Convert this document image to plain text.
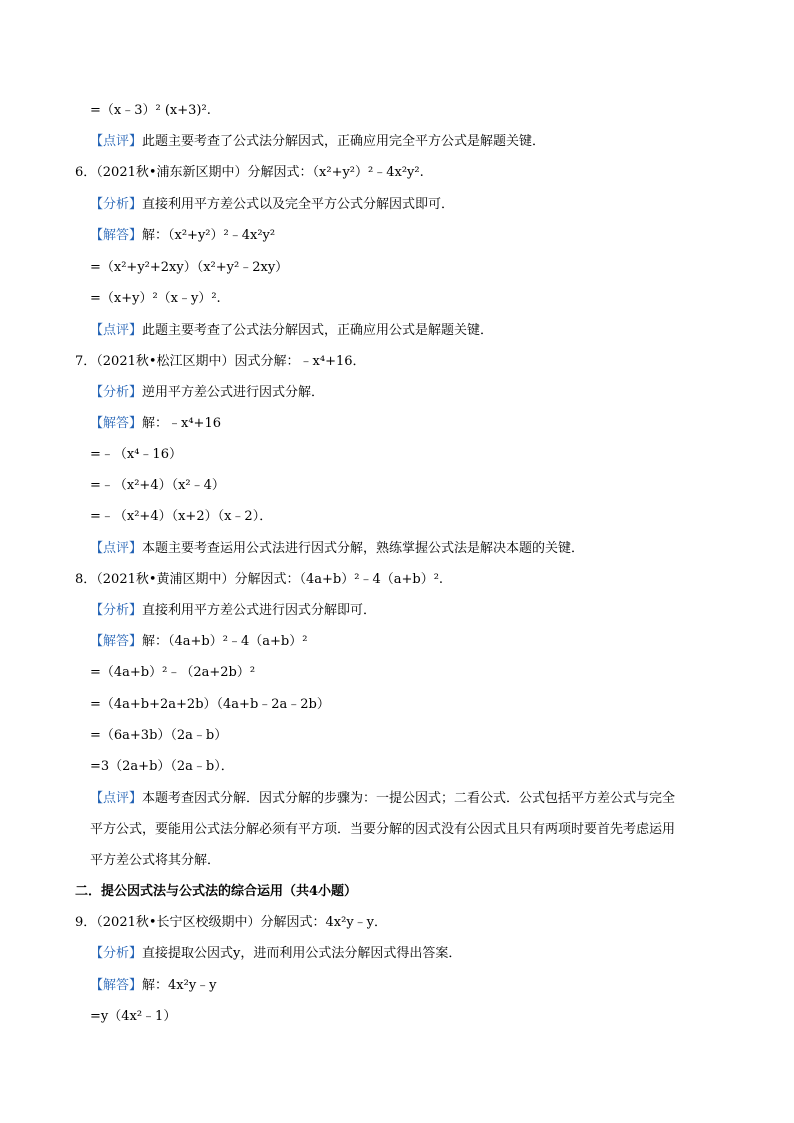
=（x﹣3）² (x+3)².
【点评】此题主要考查了公式法分解因式，正确应用完全平方公式是解题关键．
6．（2021秋•浦东新区期中）分解因式：（x²+y²）²﹣4x²y².
【分析】直接利用平方差公式以及完全平方公式分解因式即可．
【解答】解：（x²+y²）²﹣4x²y²
=（x²+y²+2xy）（x²+y²﹣2xy）
=（x+y）²（x﹣y）².
【点评】此题主要考查了公式法分解因式，正确应用公式是解题关键．
7．（2021秋•松江区期中）因式分解：﹣x⁴+16．
【分析】逆用平方差公式进行因式分解．
【解答】解：﹣x⁴+16
=﹣（x⁴﹣16）
=﹣（x²+4）（x²﹣4）
=﹣（x²+4）（x+2）（x﹣2）．
【点评】本题主要考查运用公式法进行因式分解，熟练掌握公式法是解决本题的关键．
8．（2021秋•黄浦区期中）分解因式：（4a+b）²﹣4（a+b）².
【分析】直接利用平方差公式进行因式分解即可．
【解答】解：（4a+b）²﹣4（a+b）²
=（4a+b）²﹣（2a+2b）²
=（4a+b+2a+2b）（4a+b﹣2a﹣2b）
=（6a+3b）（2a﹣b）
=3（2a+b）（2a﹣b）．
【点评】本题考查因式分解．因式分解的步骤为：一提公因式；二看公式．公式包括平方差公式与完全
平方公式，要能用公式法分解必须有平方项．当要分解的因式没有公因式且只有两项时要首先考虑运用
平方差公式将其分解．
二．提公因式法与公式法的综合运用（共4小题）
9．（2021秋•长宁区校级期中）分解因式：4x²y﹣y．
【分析】直接提取公因式y，进而利用公式法分解因式得出答案．
【解答】解：4x²y﹣y
=y（4x²﹣1）
